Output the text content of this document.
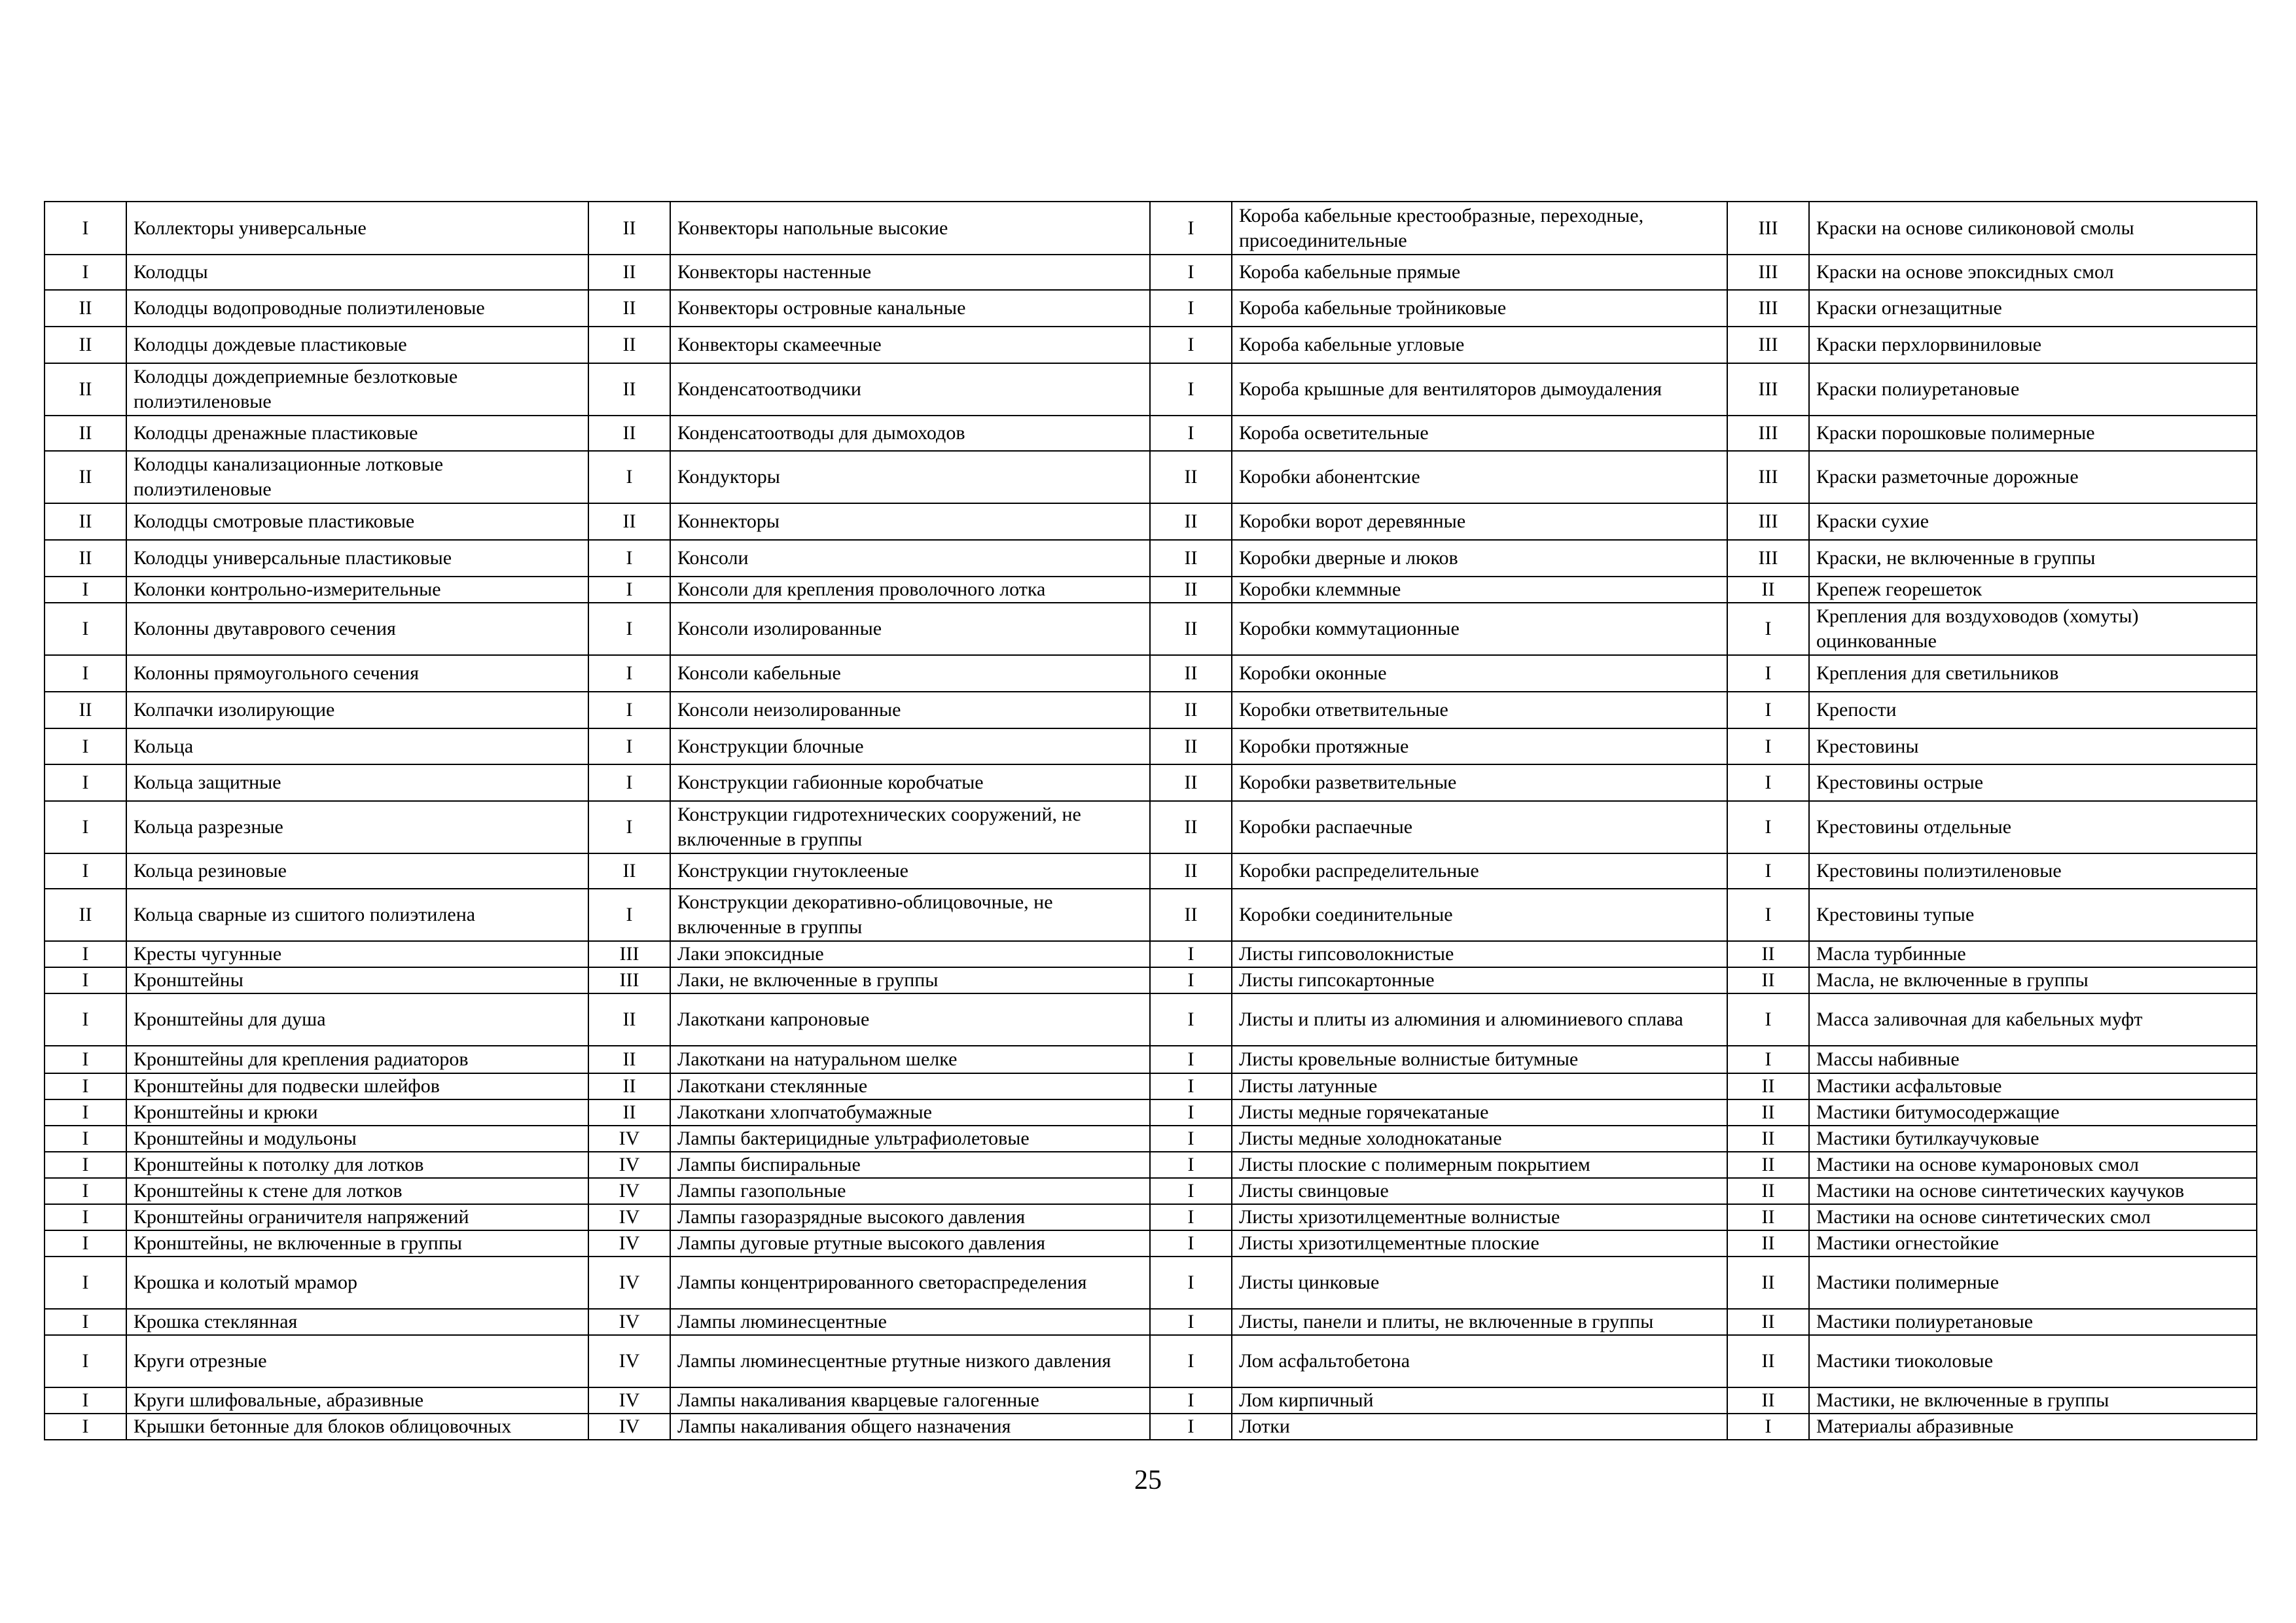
I	Коллекторы универсальные	II	Конвекторы напольные высокие	I	Короба кабельные крестообразные, переходные, присоединительные	III	Краски на основе силиконовой смолы
I	Колодцы	II	Конвекторы настенные	I	Короба кабельные прямые	III	Краски на основе эпоксидных смол
II	Колодцы водопроводные полиэтиленовые	II	Конвекторы островные канальные	I	Короба кабельные тройниковые	III	Краски огнезащитные
II	Колодцы дождевые пластиковые	II	Конвекторы скамеечные	I	Короба кабельные угловые	III	Краски перхлорвиниловые
II	Колодцы дождеприемные безлотковые полиэтиленовые	II	Конденсатоотводчики	I	Короба крышные для вентиляторов дымоудаления	III	Краски полиуретановые
II	Колодцы дренажные пластиковые	II	Конденсатоотводы для дымоходов	I	Короба осветительные	III	Краски порошковые полимерные
II	Колодцы канализационные лотковые полиэтиленовые	I	Кондукторы	II	Коробки абонентские	III	Краски разметочные дорожные
II	Колодцы смотровые пластиковые	II	Коннекторы	II	Коробки ворот деревянные	III	Краски сухие
II	Колодцы универсальные пластиковые	I	Консоли	II	Коробки дверные и люков	III	Краски, не включенные в группы
I	Колонки контрольно-измерительные	I	Консоли для крепления проволочного лотка	II	Коробки клеммные	II	Крепеж георешеток
I	Колонны двутаврового сечения	I	Консоли изолированные	II	Коробки коммутационные	I	Крепления для воздуховодов (хомуты) оцинкованные
I	Колонны прямоугольного сечения	I	Консоли кабельные	II	Коробки оконные	I	Крепления для светильников
II	Колпачки изолирующие	I	Консоли неизолированные	II	Коробки ответвительные	I	Крепости
I	Кольца	I	Конструкции блочные	II	Коробки протяжные	I	Крестовины
I	Кольца защитные	I	Конструкции габионные коробчатые	II	Коробки разветвительные	I	Крестовины острые
I	Кольца разрезные	I	Конструкции гидротехнических сооружений, не включенные в группы	II	Коробки распаечные	I	Крестовины отдельные
I	Кольца резиновые	II	Конструкции гнутоклееные	II	Коробки распределительные	I	Крестовины полиэтиленовые
II	Кольца сварные из сшитого полиэтилена	I	Конструкции декоративно-облицовочные, не включенные в группы	II	Коробки соединительные	I	Крестовины тупые
I	Кресты чугунные	III	Лаки эпоксидные	I	Листы гипсоволокнистые	II	Масла турбинные
I	Кронштейны	III	Лаки, не включенные в группы	I	Листы гипсокартонные	II	Масла, не включенные в группы
I	Кронштейны для душа	II	Лакоткани капроновые	I	Листы и плиты из алюминия и алюминиевого сплава	I	Масса заливочная для кабельных муфт
I	Кронштейны для крепления радиаторов	II	Лакоткани на натуральном шелке	I	Листы кровельные волнистые битумные	I	Массы набивные
I	Кронштейны для подвески шлейфов	II	Лакоткани стеклянные	I	Листы латунные	II	Мастики асфальтовые
I	Кронштейны и крюки	II	Лакоткани хлопчатобумажные	I	Листы медные горячекатаные	II	Мастики битумосодержащие
I	Кронштейны и модульоны	IV	Лампы бактерицидные ультрафиолетовые	I	Листы медные холоднокатаные	II	Мастики бутилкаучуковые
I	Кронштейны к потолку для лотков	IV	Лампы биспиральные	I	Листы плоские с полимерным покрытием	II	Мастики на основе кумароновых смол
I	Кронштейны к стене для лотков	IV	Лампы газопольные	I	Листы свинцовые	II	Мастики на основе синтетических каучуков
I	Кронштейны ограничителя напряжений	IV	Лампы газоразрядные высокого давления	I	Листы хризотилцементные волнистые	II	Мастики на основе синтетических смол
I	Кронштейны, не включенные в группы	IV	Лампы дуговые ртутные высокого давления	I	Листы хризотилцементные плоские	II	Мастики огнестойкие
I	Крошка и колотый мрамор	IV	Лампы концентрированного светораспределения	I	Листы цинковые	II	Мастики полимерные
I	Крошка стеклянная	IV	Лампы люминесцентные	I	Листы, панели и плиты, не включенные в группы	II	Мастики полиуретановые
I	Круги отрезные	IV	Лампы люминесцентные ртутные низкого давления	I	Лом асфальтобетона	II	Мастики тиоколовые
I	Круги шлифовальные, абразивные	IV	Лампы накаливания кварцевые галогенные	I	Лом кирпичный	II	Мастики, не включенные в группы
I	Крышки бетонные для блоков облицовочных	IV	Лампы накаливания общего назначения	I	Лотки	I	Материалы абразивные
25
